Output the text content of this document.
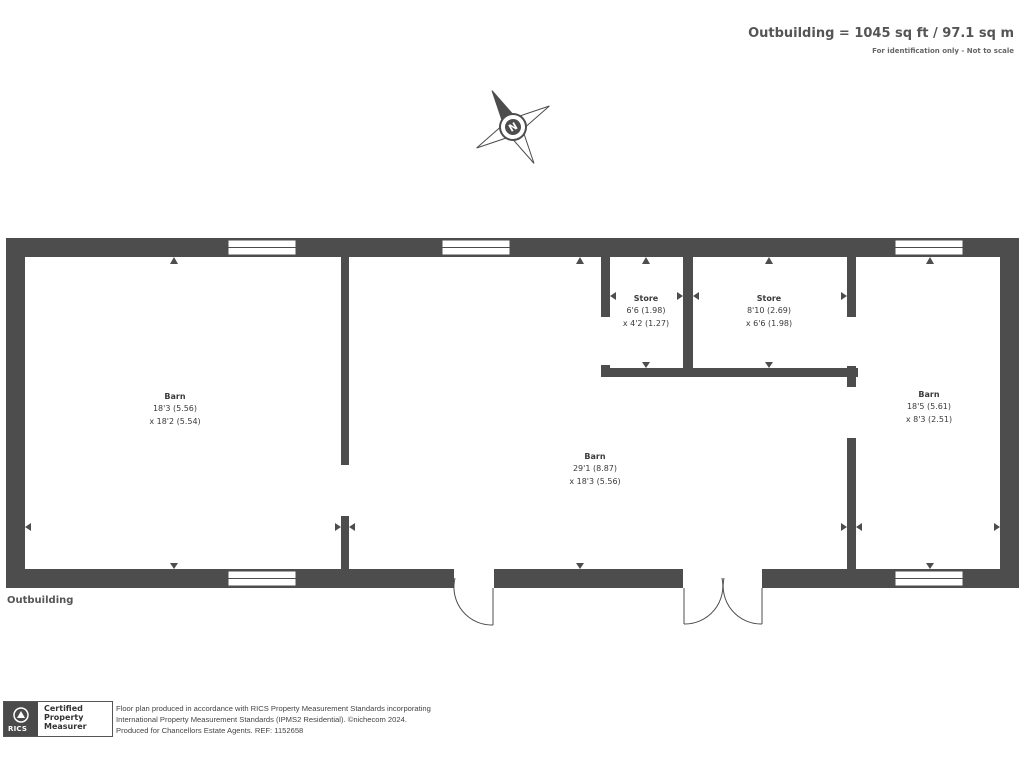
Outbuilding = 1045 sq ft / 97.1 sq m
For identification only - Not to scale
N
Barn
18'3 (5.56)
x 18'2 (5.54)
Barn
29'1 (8.87)
x 18'3 (5.56)
Store
6'6 (1.98)
x 4'2 (1.27)
Store
8'10 (2.69)
x 6'6 (1.98)
Barn
18'5 (5.61)
x 8'3 (2.51)
Outbuilding
RICS
Certified
Property
Measurer
Floor plan produced in accordance with RICS Property Measurement Standards incorporating
International Property Measurement Standards (IPMS2 Residential). ©nichecom 2024.
Produced for Chancellors Estate Agents. REF: 1152658
